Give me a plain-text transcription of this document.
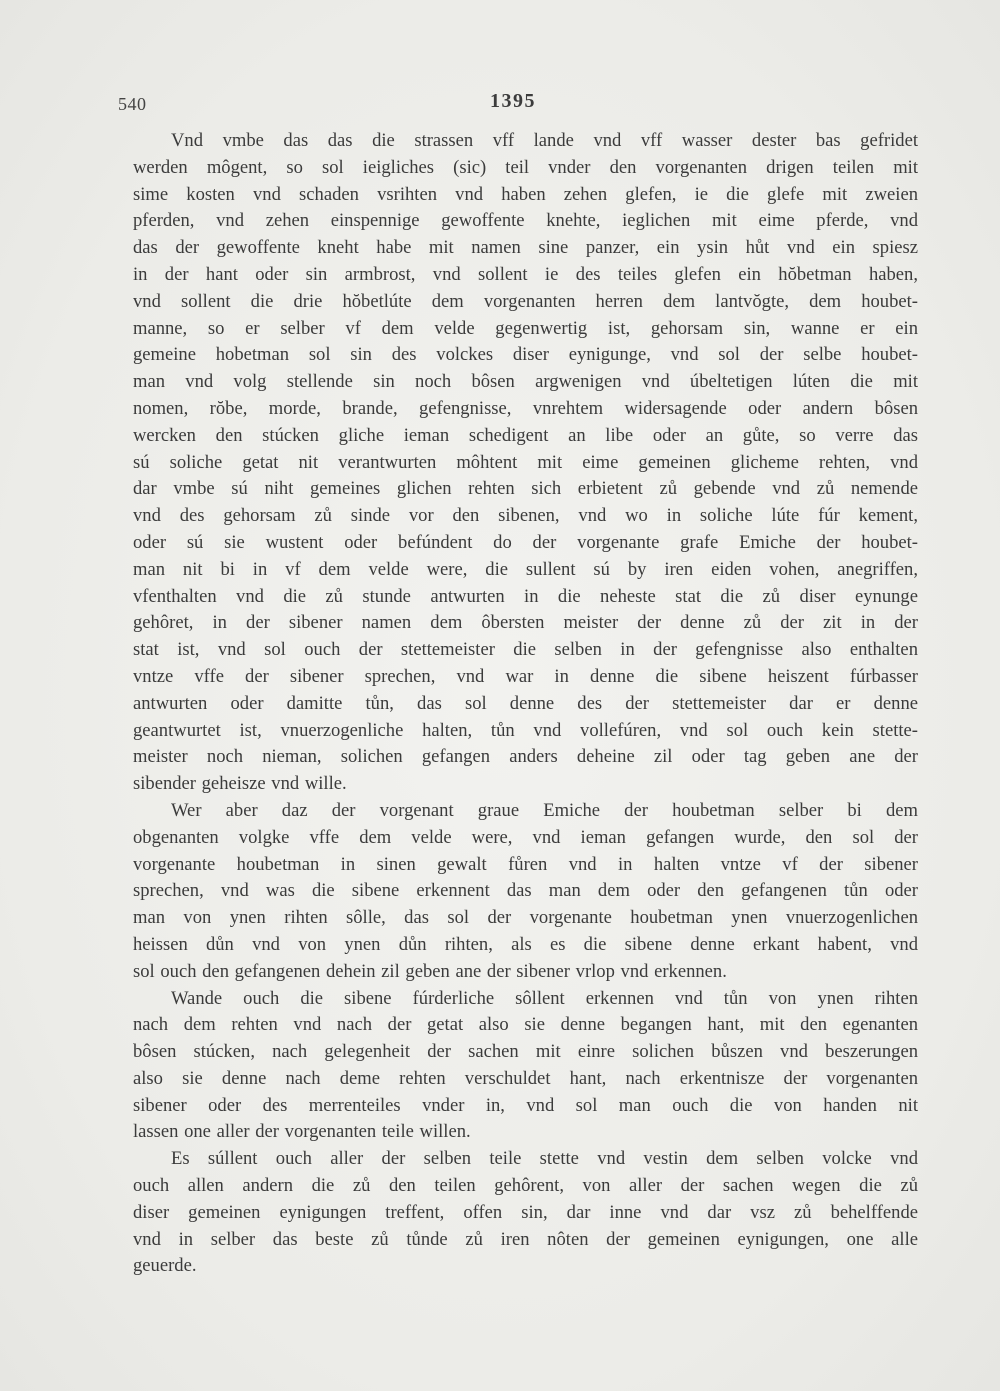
540	1395
Vnd vmbe das das die strassen vff lande vnd vff wasser dester bas gefridet
werden môgent, so sol ieigliches (sic) teil vnder den vorgenanten drigen teilen mit
sime kosten vnd schaden vsrihten vnd haben zehen glefen, ie die glefe mit zweien
pferden, vnd zehen einspennige gewoffente knehte, ieglichen mit eime pferde, vnd
das der gewoffente kneht habe mit namen sine panzer, ein ysin hůt vnd ein spiesz
in der hant oder sin armbrost, vnd sollent ie des teiles glefen ein hŏbetman haben,
vnd sollent die drie hŏbetlúte dem vorgenanten herren dem lantvŏgte, dem houbet-
manne, so er selber vf dem velde gegenwertig ist, gehorsam sin, wanne er ein
gemeine hobetman sol sin des volckes diser eynigunge, vnd sol der selbe houbet-
man vnd volg stellende sin noch bôsen argwenigen vnd úbeltetigen lúten die mit
nomen, rŏbe, morde, brande, gefengnisse, vnrehtem widersagende oder andern bôsen
wercken den stúcken gliche ieman schedigent an libe oder an gůte, so verre das
sú soliche getat nit verantwurten môhtent mit eime gemeinen glicheme rehten, vnd
dar vmbe sú niht gemeines glichen rehten sich erbietent zů gebende vnd zů nemende
vnd des gehorsam zů sinde vor den sibenen, vnd wo in soliche lúte fúr kement,
oder sú sie wustent oder befúndent do der vorgenante grafe Emiche der houbet-
man nit bi in vf dem velde were, die sullent sú by iren eiden vohen, anegriffen,
vfenthalten vnd die zů stunde antwurten in die neheste stat die zů diser eynunge
gehôret, in der sibener namen dem ôbersten meister der denne zů der zit in der
stat ist, vnd sol ouch der stettemeister die selben in der gefengnisse also enthalten
vntze vffe der sibener sprechen, vnd war in denne die sibene heiszent fúrbasser
antwurten oder damitte tůn, das sol denne des der stettemeister dar er denne
geantwurtet ist, vnuerzogenliche halten, tůn vnd vollefúren, vnd sol ouch kein stette-
meister noch nieman, solichen gefangen anders deheine zil oder tag geben ane der
sibender geheisze vnd wille.
Wer aber daz der vorgenant graue Emiche der houbetman selber bi dem
obgenanten volgke vffe dem velde were, vnd ieman gefangen wurde, den sol der
vorgenante houbetman in sinen gewalt fůren vnd in halten vntze vf der sibener
sprechen, vnd was die sibene erkennent das man dem oder den gefangenen tůn oder
man von ynen rihten sôlle, das sol der vorgenante houbetman ynen vnuerzogenlichen
heissen důn vnd von ynen důn rihten, als es die sibene denne erkant habent, vnd
sol ouch den gefangenen dehein zil geben ane der sibener vrlop vnd erkennen.
Wande ouch die sibene fúrderliche sôllent erkennen vnd tůn von ynen rihten
nach dem rehten vnd nach der getat also sie denne begangen hant, mit den egenanten
bôsen stúcken, nach gelegenheit der sachen mit einre solichen bůszen vnd beszerungen
also sie denne nach deme rehten verschuldet hant, nach erkentnisze der vorgenanten
sibener oder des merrenteiles vnder in, vnd sol man ouch die von handen nit
lassen one aller der vorgenanten teile willen.
Es súllent ouch aller der selben teile stette vnd vestin dem selben volcke vnd
ouch allen andern die zů den teilen gehôrent, von aller der sachen wegen die zů
diser gemeinen eynigungen treffent, offen sin, dar inne vnd dar vsz zů behelffende
vnd in selber das beste zů tůnde zů iren nôten der gemeinen eynigungen, one alle
geuerde.
